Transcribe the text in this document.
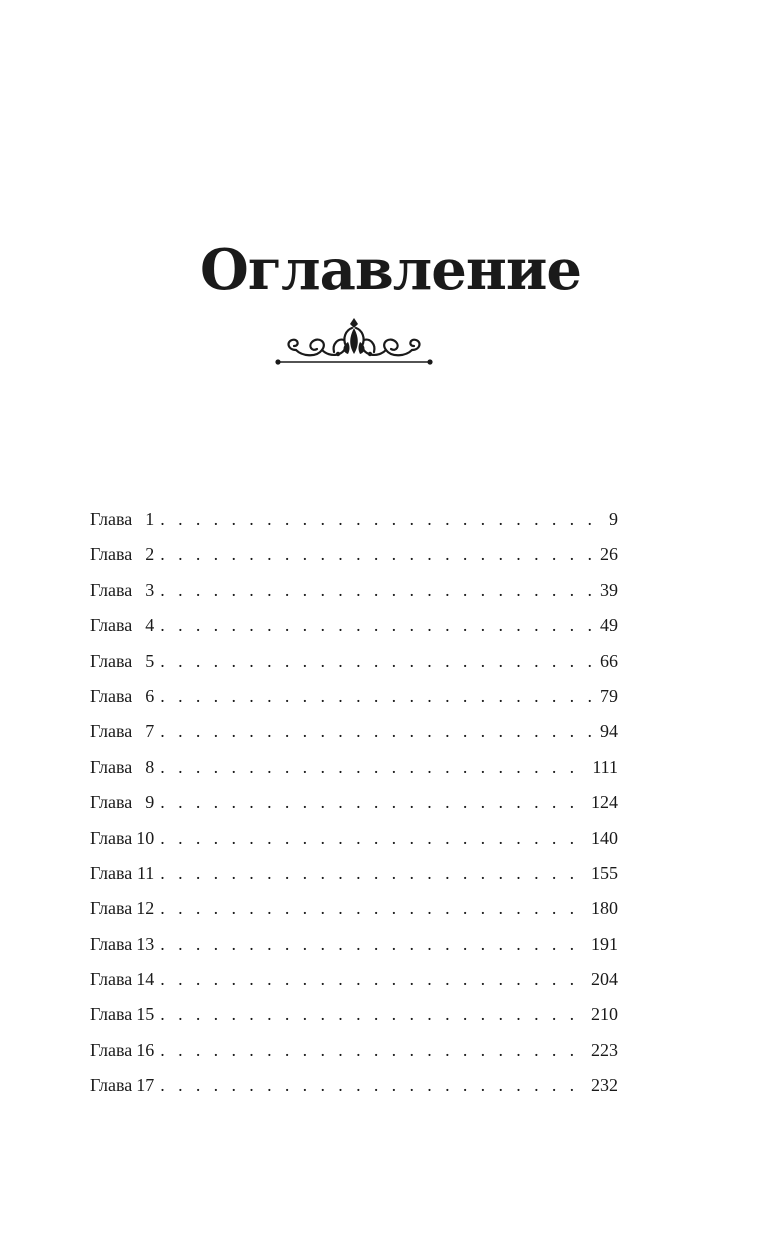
Оглавление
Глава 1 . . .	9
Глава 2 . . .	26
Глава 3 . . .	39
Глава 4 . . .	49
Глава 5 . . .	66
Глава 6 . . .	79
Глава 7 . . .	94
Глава 8 . . .	111
Глава 9 . . .	124
Глава 10 . . .	140
Глава 11 . . .	155
Глава 12 . . .	180
Глава 13 . . .	191
Глава 14 . . .	204
Глава 15 . . .	210
Глава 16 . . .	223
Глава 17 . . .	232
